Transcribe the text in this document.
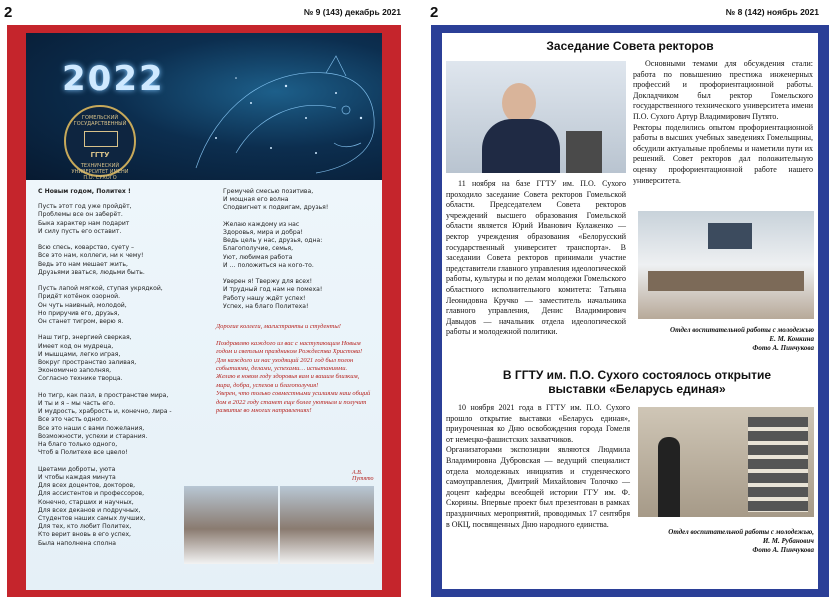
2	№ 9 (143) декабрь 2021
2022
ГОМЕЛЬСКИЙ ГОСУДАРСТВЕННЫЙ
ГГТУ
ТЕХНИЧЕСКИЙ УНИВЕРСИТЕТ ИМЕНИ П.О. СУХОГО
С Новым годом, Политех !
Пусть этот год уже пройдёт,
Проблемы все он заберёт.
Быка характер нам подарит
И силу пусть его оставит.

Всю спесь, коварство, суету –
Все это нам, коллеги, ни к чему!
Ведь это нам мешает жить,
Друзьями зваться, людьми быть.

Пусть лапой мягкой, ступая укрядкой,
Придёт котёнок озорной.
Он чуть наивный, молодой,
Но приручив его, друзья,
Он станет тигром, верю я.

Наш тигр, энергией сверкая,
Имеет код он мудрецa,
И мышцами, легко играя,
Вокруг пространство заливая,
Экономично заполняя,
Согласно технике творца.

Но тигр, как пазл, в пространстве мира,
И ты и я – мы часть его.
И мудрость, храбрость и, конечно, лира -
Все это часть одного.
Все это наши с вами пожелания,
Возможности, успехи и старания.
На благо только одного,
Чтоб в Политехе все цвело!

Цветами доброты, уюта
И чтобы каждая минута
Для всех доцентов, докторов,
Для ассистентов и профессоров,
Конечно, старших и научных,
Для всех деканов и подручных,
Студентов наших самых лучших,
Для тех, кто любит Политех,
Кто верит вновь в его успех,
Была наполнена сполна
Гремучей смесью позитива,
И мощная его волна
Сподвигнет к подвигам, друзья!

Желаю каждому из нас
Здоровья, мира и добра!
Ведь цель у нас, друзья, одна:
Благополучие, семья,
Уют, любимая работа
И … положиться на кого-то.

Уверен я! Твержу для всех!
И трудный год нам не помеха!
Работу нашу ждёт успех!
Успех, на благо Политеха!
Дорогие коллеги, магистранты и студенты!

Поздравляю каждого из вас с наступающим Новым годом и светлым праздником Рождества Христова!
Для каждого из нас уходящий 2021 год был полон событиями, делами, успехами… испытаниями.
Желаю в новом году здоровья вам и вашим близким, мира, добра, успехов и благополучия!
Уверен, что только совместными усилиями наш общий дом в 2022 году станет еще более уютным и получит развитие во многих направлениях!
А.В. Путято
2	№ 8 (142) ноябрь 2021
Заседание Совета ректоров
Основными темами для обсуждения стали: работа по повышению престижа инженерных профессий и профориентационной работы. Докладчиком был ректор Гомельского государственного технического университета имени П.О. Сухого Артур Владимирович Путято.
Ректоры поделились опытом профориентационной работы в высших учебных заведениях Гомельщины, обсудили актуальные проблемы и наметили пути их решений. Совет ректоров дал положительную оценку профориентационной работе нашего университета.
11 ноября на базе ГГТУ им. П.О. Сухого проходило заседание Совета ректоров Гомельской области. Председателем Совета ректоров учреждений высшего образования Гомельской области является Юрий Иванович Кулаженко — ректор учреждения образования «Белорусский государственный университет транспорта». В заседании Совета ректоров принимали участие представители главного управления идеологической работы, культуры и по делам молодежи Гомельского областного исполнительного комитета: Татьяна Леонидовна Кручко — заместитель начальника главного управления, Денис Владимирович Давыдов — начальник отдела идеологической работы и молодежной политики.	Отдел воспитательной работы с молодежью
Е. М. Конкина
Фото А. Пинчукова
В ГГТУ им. П.О. Сухого состоялось открытие выставки «Беларусь единая»
10 ноября 2021 года в ГГТУ им. П.О. Сухого прошло открытие выставки «Беларусь единая», приуроченная ко Дню освобождения города Гомеля от немецко-фашистских захватчиков.
Организаторами экспозиции являются Людмила Владимировна Дубровская — ведущий специалист отдела молодежных инициатив и студенческого самоуправления, Дмитрий Михайлович Толочко — доцент кафедры всеобщей истории ГГУ им. Ф. Скорины. Впервые проект был презентован в рамках праздничных мероприятий, проводимых 17 сентября в ОКЦ, посвященных Дню народного единства.
Отдел воспитательной работы с молодежью,
И. М. Рубанович
Фото А. Пинчукова
